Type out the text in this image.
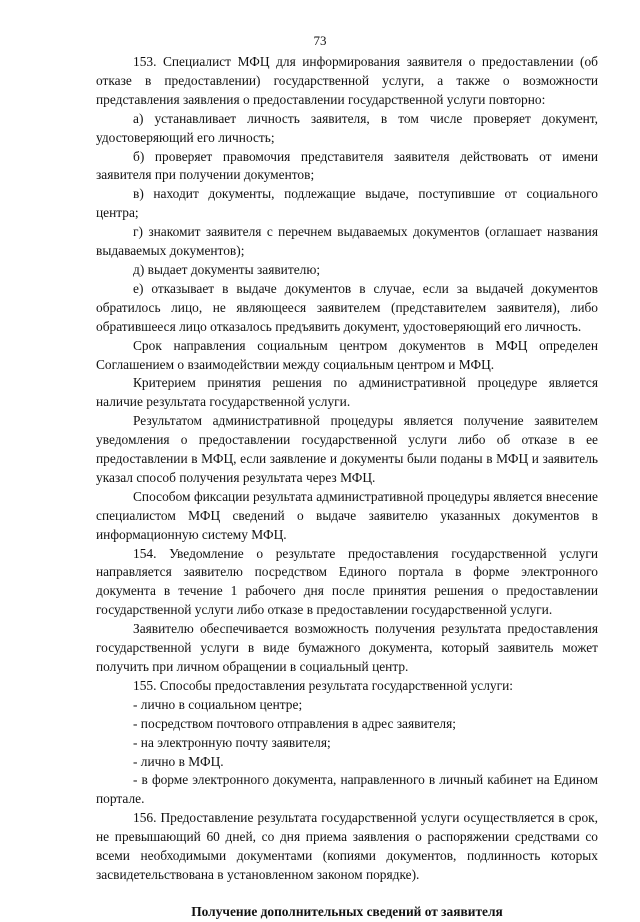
73

153. Специалист МФЦ для информирования заявителя о предоставлении (об отказе в предоставлении) государственной услуги, а также о возможности представления заявления о предоставлении государственной услуги повторно:

а) устанавливает личность заявителя, в том числе проверяет документ, удостоверяющий его личность;

б) проверяет правомочия представителя заявителя действовать от имени заявителя при получении документов;

в) находит документы, подлежащие выдаче, поступившие от социального центра;

г) знакомит заявителя с перечнем выдаваемых документов (оглашает названия выдаваемых документов);

д) выдает документы заявителю;

е) отказывает в выдаче документов в случае, если за выдачей документов обратилось лицо, не являющееся заявителем (представителем заявителя), либо обратившееся лицо отказалось предъявить документ, удостоверяющий его личность.

Срок направления социальным центром документов в МФЦ определен Соглашением о взаимодействии между социальным центром и МФЦ.

Критерием принятия решения по административной процедуре является наличие результата государственной услуги.

Результатом административной процедуры является получение заявителем уведомления о предоставлении государственной услуги либо об отказе в ее предоставлении в МФЦ, если заявление и документы были поданы в МФЦ и заявитель указал способ получения результата через МФЦ.

Способом фиксации результата административной процедуры является внесение специалистом МФЦ сведений о выдаче заявителю указанных документов в информационную систему МФЦ.

154. Уведомление о результате предоставления государственной услуги направляется заявителю посредством Единого портала в форме электронного документа в течение 1 рабочего дня после принятия решения о предоставлении государственной услуги либо отказе в предоставлении государственной услуги.

Заявителю обеспечивается возможность получения результата предоставления государственной услуги в виде бумажного документа, который заявитель может получить при личном обращении в социальный центр.

155. Способы предоставления результата государственной услуги:

- лично в социальном центре;

- посредством почтового отправления в адрес заявителя;

- на электронную почту заявителя;

- лично в МФЦ.

- в форме электронного документа, направленного в личный кабинет на Едином портале.

156. Предоставление результата государственной услуги осуществляется в срок, не превышающий 60 дней, со дня приема заявления о распоряжении средствами со всеми необходимыми документами (копиями документов, подлинность которых засвидетельствована в установленном законом порядке).

Получение дополнительных сведений от заявителя
